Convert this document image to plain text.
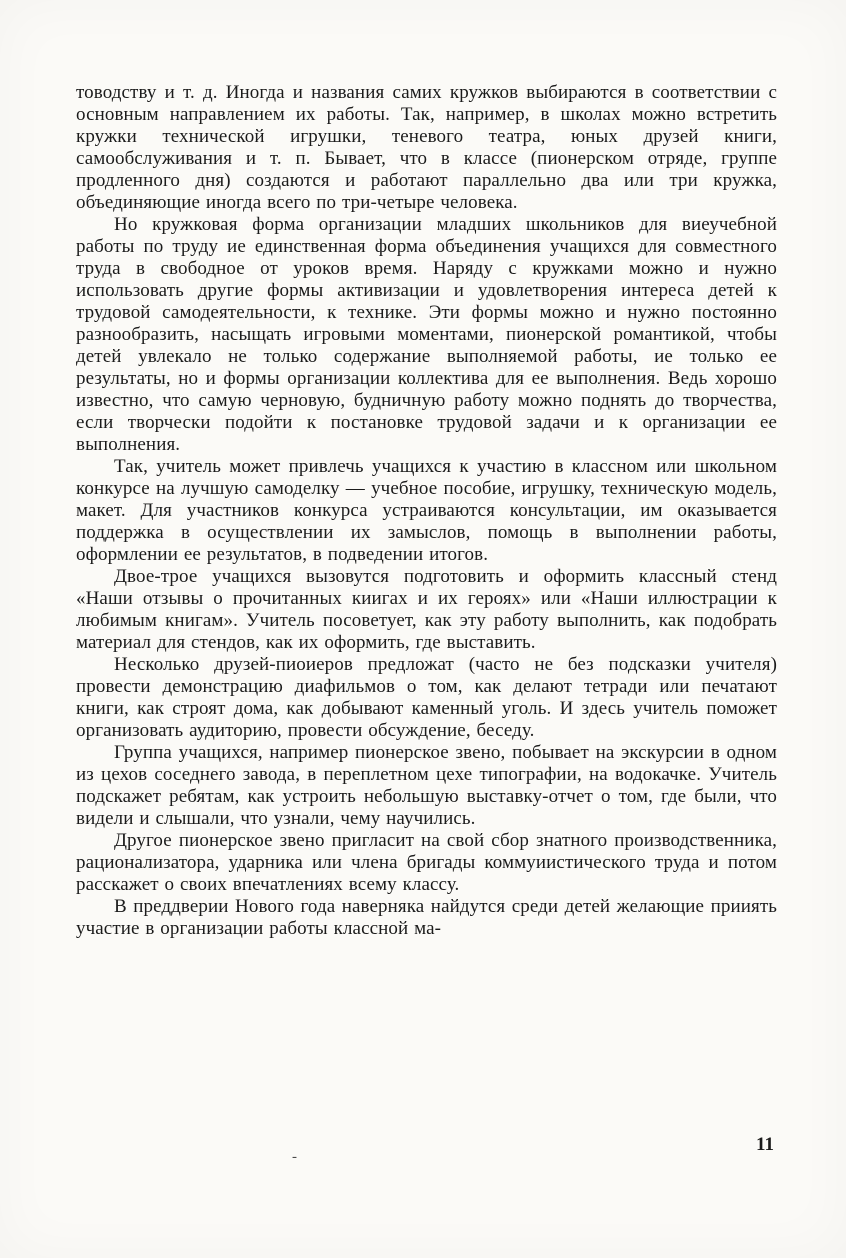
товодству и т. д. Иногда и названия самих кружков выбираются в соответствии с основным направлением их работы. Так, например, в школах можно встретить кружки технической игрушки, теневого театра, юных друзей книги, самообслуживания и т. п. Бывает, что в классе (пионерском отряде, группе продленного дня) создаются и работают параллельно два или три кружка, объединяющие иногда всего по три-четыре человека.

Но кружковая форма организации младших школьников для виеучебной работы по труду ие единственная форма объединения учащихся для совместного труда в свободное от уроков время. Наряду с кружками можно и нужно использовать другие формы активизации и удовлетворения интереса детей к трудовой самодеятельности, к технике. Эти формы можно и нужно постоянно разнообразить, насыщать игровыми моментами, пионерской романтикой, чтобы детей увлекало не только содержание выполняемой работы, ие только ее результаты, но и формы организации коллектива для ее выполнения. Ведь хорошо известно, что самую черновую, будничную работу можно поднять до творчества, если творчески подойти к постановке трудовой задачи и к организации ее выполнения.

Так, учитель может привлечь учащихся к участию в классном или школьном конкурсе на лучшую самоделку — учебное пособие, игрушку, техническую модель, макет. Для участников конкурса устраиваются консультации, им оказывается поддержка в осуществлении их замыслов, помощь в выполнении работы, оформлении ее результатов, в подведении итогов.

Двое-трое учащихся вызовутся подготовить и оформить классный стенд «Наши отзывы о прочитанных киигах и их героях» или «Наши иллюстрации к любимым книгам». Учитель посоветует, как эту работу выполнить, как подобрать материал для стендов, как их оформить, где выставить.

Несколько друзей-пиоиеров предложат (часто не без подсказки учителя) провести демонстрацию диафильмов о том, как делают тетради или печатают книги, как строят дома, как добывают каменный уголь. И здесь учитель поможет организовать аудиторию, провести обсуждение, беседу.

Группа учащихся, например пионерское звено, побывает на экскурсии в одном из цехов соседнего завода, в переплетном цехе типографии, на водокачке. Учитель подскажет ребятам, как устроить небольшую выставку-отчет о том, где были, что видели и слышали, что узнали, чему научились.

Другое пионерское звено пригласит на свой сбор знатного производственника, рационализатора, ударника или члена бригады коммуиистического труда и потом расскажет о своих впечатлениях всему классу.

В преддверии Нового года наверняка найдутся среди детей желающие прииять участие в организации работы классной ма-

-
11
